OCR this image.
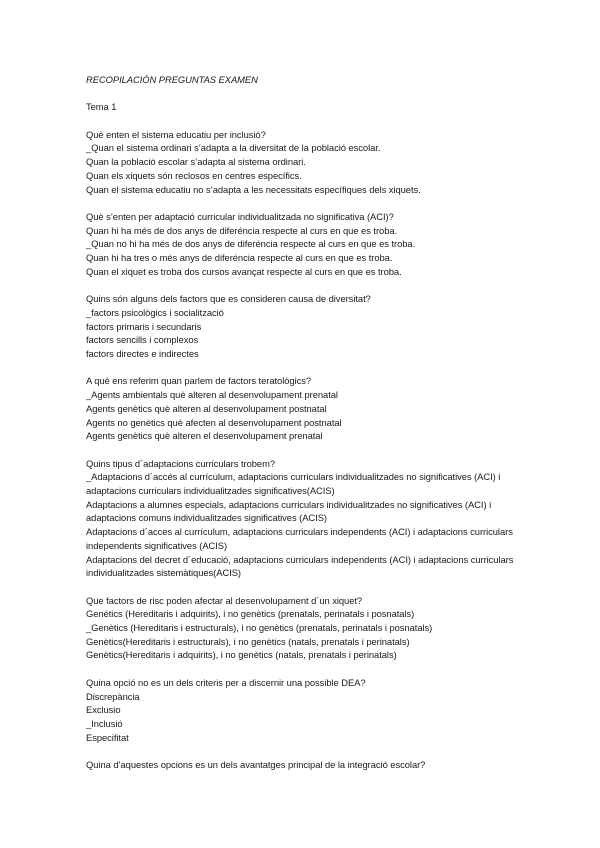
RECOPILACIÓN PREGUNTAS EXAMEN
Tema 1
Què enten el sistema educatiu per inclusió?
_Quan el sistema ordinari s’adapta a la diversitat de la població escolar.
Quan la població escolar s’adapta al sistema ordinari.
Quan els xiquets són reclosos en centres específics.
Quan el sistema educatiu no s’adapta a les necessitats específiques dels xiquets.
Què s’enten per adaptació curricular individualitzada no significativa (ACI)?
Quan hi ha més de dos anys de diferéncia respecte al curs en que es troba.
_Quan no hi ha més de dos anys de diferéncia respecte al curs en que es troba.
Quan hi ha tres o més anys de diferéncia respecte al curs en que es troba.
Quan el xiquet es troba dos cursos avançat respecte al curs en que es troba.
Quins són alguns dels factors que es consideren causa de diversitat?
_factors psicològics i socialització
factors primaris i secundaris
factors sencills i complexos
factors directes e indirectes
A què ens referim quan parlem de factors teratològics?
_Agents ambientals què alteren al desenvolupament prenatal
Agents genètics què alteren al desenvolupament postnatal
Agents no genètics què afecten al desenvolupament postnatal
Agents genètics què alteren el desenvolupament prenatal
Quins tipus d´adaptacions curriculars trobem?
_Adaptacions d´accés al currículum, adaptacions curriculars individualitzades no significatives (ACI) i adaptacions curriculars individualitzades significatives(ACIS)
Adaptacions a alumnes especials, adaptacions curriculars individualitzades no significatives (ACI) i adaptacions comuns individualitzades significatives (ACIS)
Adaptacions d´acces al currículum, adaptacions curriculars independents (ACI) i adaptacions curriculars independents significatives (ACIS)
Adaptacions del decret d´educació, adaptacions curriculars independents (ACI) i adaptacions curriculars individualitzades sistemàtiques(ACIS)
Que factors de risc poden afectar al desenvolupament d´un xiquet?
Genètics (Hereditaris i adquirits), i no genètics (prenatals, perinatals i posnatals)
_Genètics (Hereditaris i estructurals), i no genètics (prenatals, perinatals i posnatals)
Genètics(Hereditaris i estructurals), i no genètics (natals, prenatals i perinatals)
Genètics(Hereditaris i adquirits), i no genètics (natals, prenatals i perinatals)
Quina opció no es un dels criteris per a discernir una possible DEA?
Discrepància
Exclusio
_Inclusió
Especifitat
Quina d’aquestes opcions es un dels avantatges principal de la integració escolar?
